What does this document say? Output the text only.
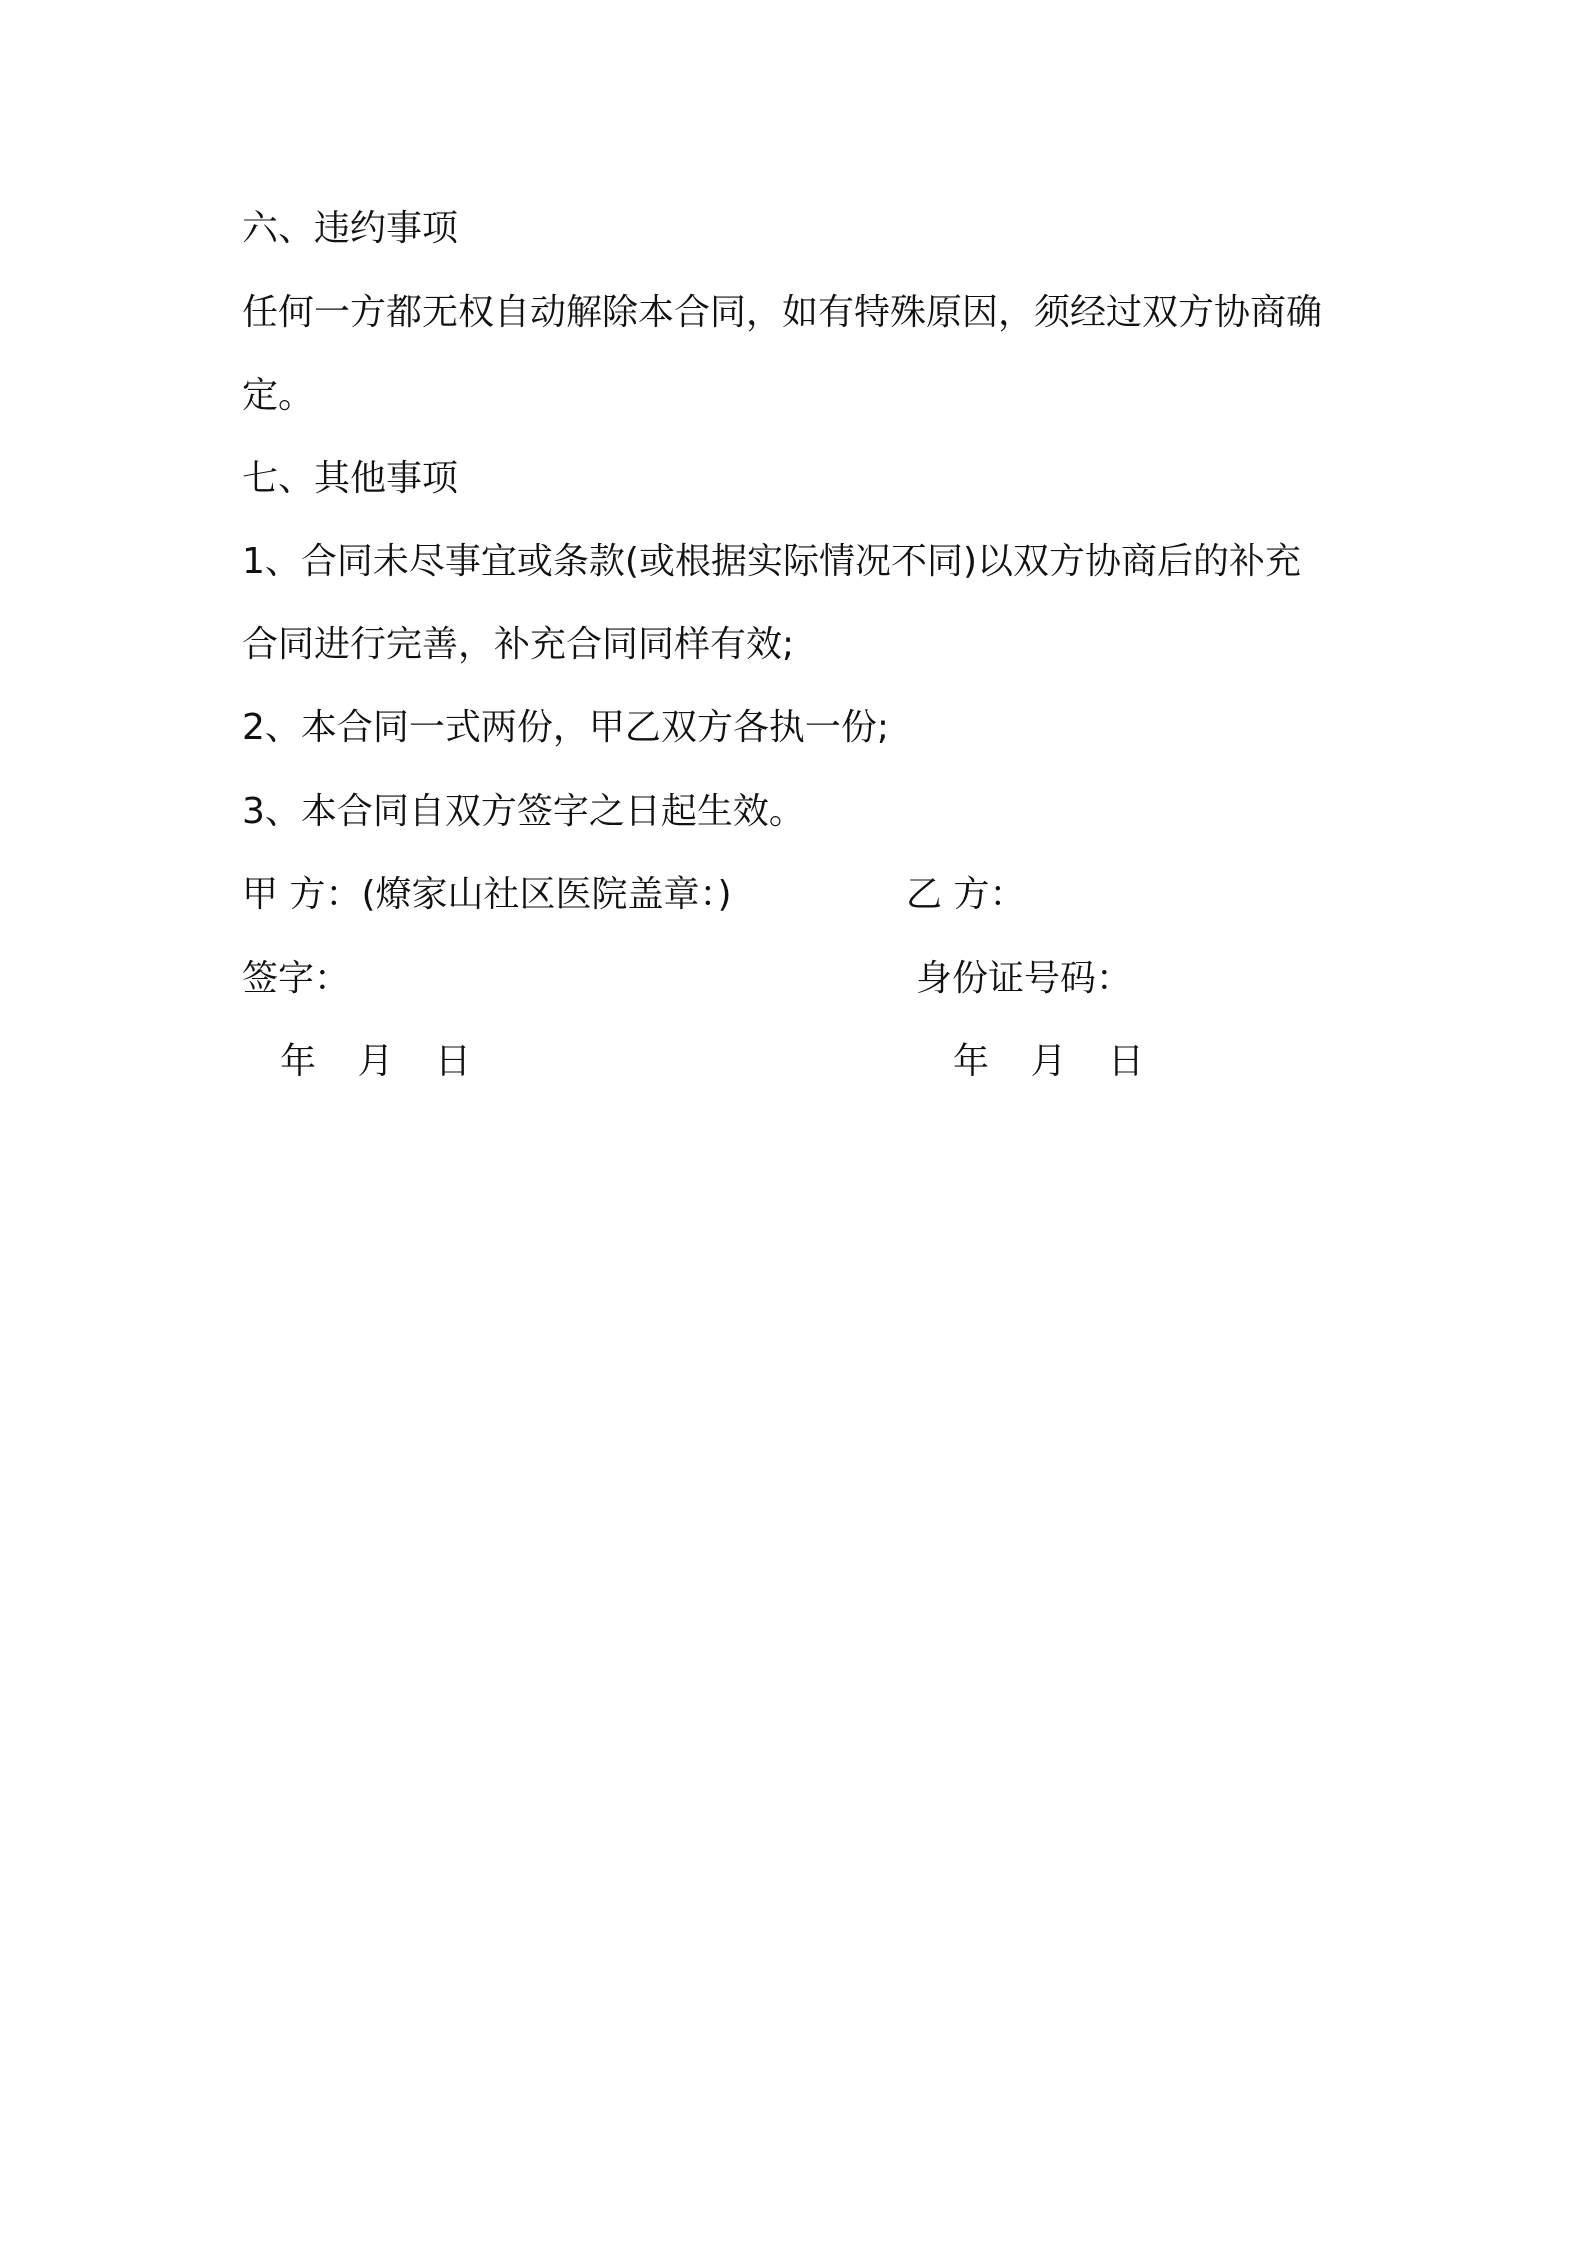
六、违约事项
任何一方都无权自动解除本合同，如有特殊原因，须经过双方协商确
定。
七、其他事项
1、合同未尽事宜或条款(或根据实际情况不同)以双方协商后的补充
合同进行完善，补充合同同样有效;
2、本合同一式两份，甲乙双方各执一份;
3、本合同自双方签字之日起生效。
甲 方：(燎家山社区医院盖章：)	乙 方：
签字：	身份证号码：
年 月 日	年 月 日
